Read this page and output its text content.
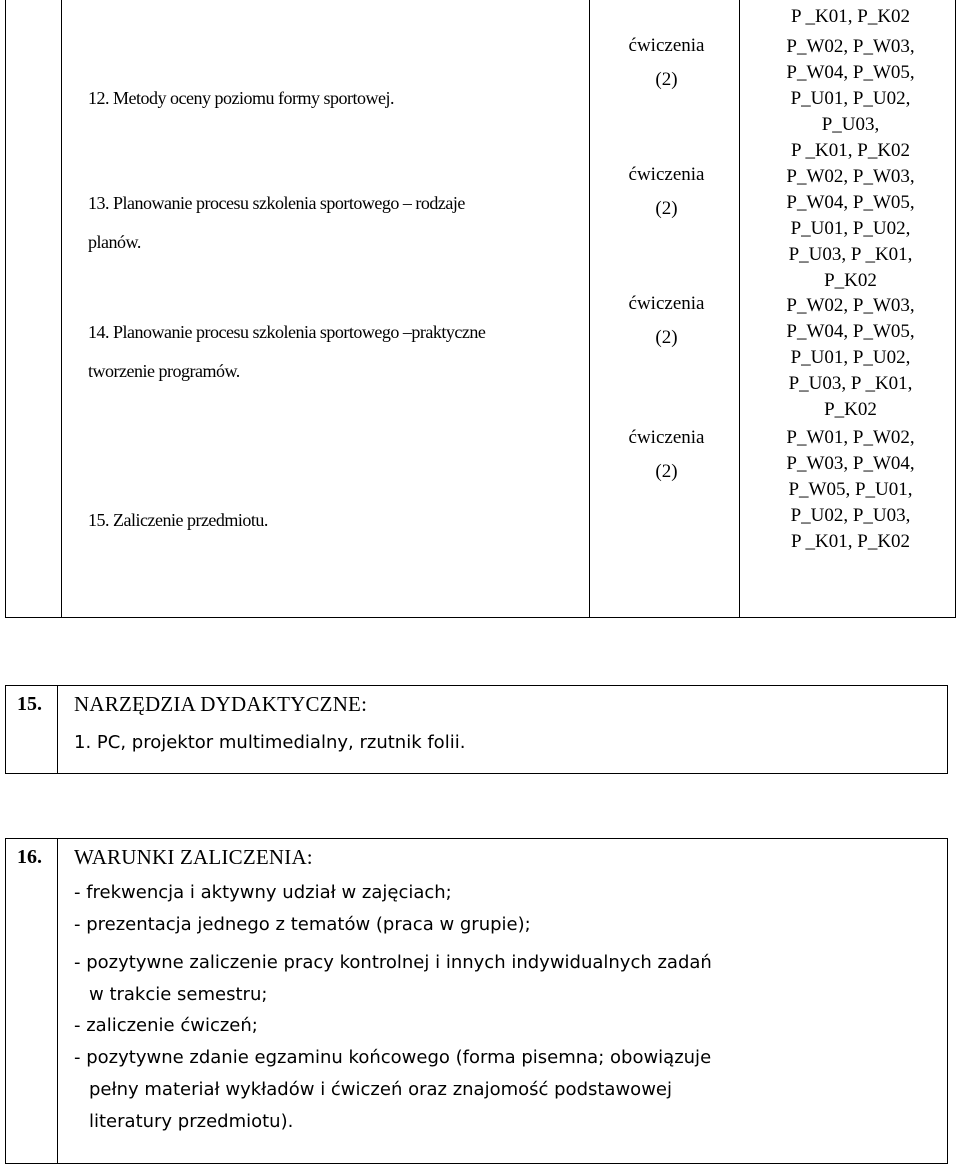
12. Metody oceny poziomu formy sportowej.
13. Planowanie procesu szkolenia sportowego – rodzaje
planów.
14. Planowanie procesu szkolenia sportowego –praktyczne
tworzenie programów.
15. Zaliczenie przedmiotu.
ćwiczenia
(2)
ćwiczenia
(2)
ćwiczenia
(2)
ćwiczenia
(2)
P _K01, P_K02
P_W02, P_W03,
P_W04, P_W05,
P_U01, P_U02,
P_U03,
P _K01, P_K02
P_W02, P_W03,
P_W04, P_W05,
P_U01, P_U02,
P_U03, P _K01,
P_K02
P_W02, P_W03,
P_W04, P_W05,
P_U01, P_U02,
P_U03, P _K01,
P_K02
P_W01, P_W02,
P_W03, P_W04,
P_W05, P_U01,
P_U02, P_U03,
P _K01, P_K02
15. NARZĘDZIA DYDAKTYCZNE:
1. PC, projektor multimedialny, rzutnik folii.
16. WARUNKI ZALICZENIA:
- frekwencja i aktywny udział w zajęciach;
- prezentacja jednego z tematów (praca w grupie);
- pozytywne zaliczenie pracy kontrolnej i innych indywidualnych zadań
w trakcie semestru;
- zaliczenie ćwiczeń;
- pozytywne zdanie egzaminu końcowego (forma pisemna; obowiązuje
pełny materiał wykładów i ćwiczeń oraz znajomość podstawowej
literatury przedmiotu).
